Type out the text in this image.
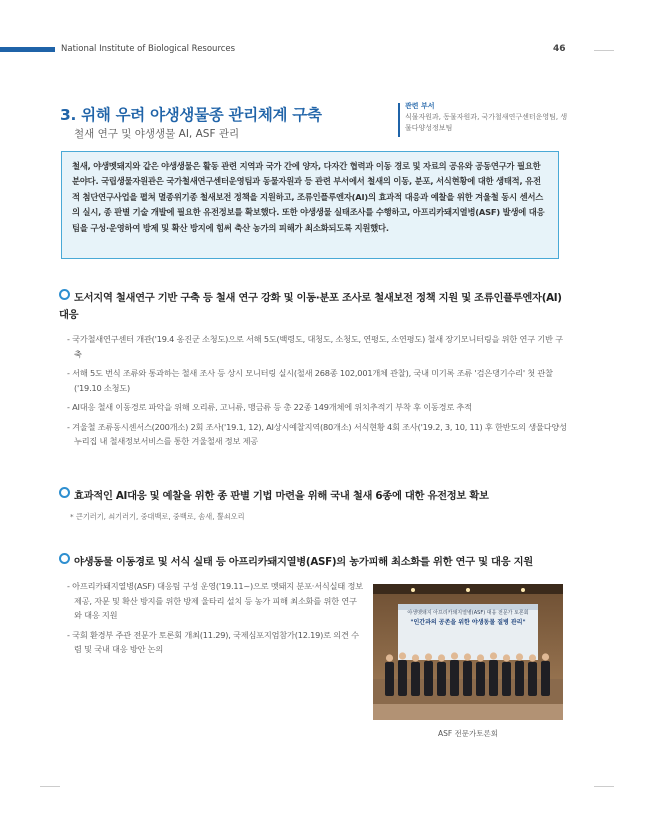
National Institute of Biological Resources	46
3. 위해 우려 야생생물종 관리체계 구축
철새 연구 및 야생생물 AI, ASF 관리
관련 부서
식물자원과, 동물자원과, 국가철새연구센터운영팀, 생물다양성정보팀
철새, 야생멧돼지와 같은 야생생물은 활동 관련 지역과 국가 간에 양자, 다자간 협력과 이동 경로 및 자료의 공유와 공동연구가 필요한 분야다. 국립생물자원관은 국가철새연구센터운영팀과 동물자원과 등 관련 부서에서 철새의 이동, 분포, 서식현황에 대한 생태적, 유전적 첨단연구사업을 펼쳐 멸종위기종 철새보전 정책을 지원하고, 조류인플루엔자(AI)의 효과적 대응과 예찰을 위한 겨울철 동시 센서스의 실시, 종 판별 기술 개발에 필요한 유전정보를 확보했다. 또한 야생생물 실태조사를 수행하고, 아프리카돼지열병(ASF) 발생에 대응팀을 구성·운영하여 방제 및 확산 방지에 힘써 축산 농가의 피해가 최소화되도록 지원했다.
도서지역 철새연구 기반 구축 등 철새 연구 강화 및 이동·분포 조사로 철새보전 정책 지원 및 조류인플루엔자(AI) 대응
- 국가철새연구센터 개관('19.4 옹진군 소청도)으로 서해 5도(백령도, 대청도, 소청도, 연평도, 소연평도) 철새 장기모니터링을 위한 연구 기반 구축
- 서해 5도 번식 조류와 통과하는 철새 조사 등 상시 모니터링 실시(철새 268종 102,001개체 관찰), 국내 미기록 조류 '검은댕기수리' 첫 관찰('19.10 소청도)
- AI대응 철새 이동경로 파악을 위해 오리류, 고니류, 맹금류 등 총 22종 149개체에 위치추적기 부착 후 이동경로 추적
- 겨울철 조류동시센서스(200개소) 2회 조사('19.1, 12), AI상시예찰지역(80개소) 서식현황 4회 조사('19.2, 3, 10, 11) 후 한반도의 생물다양성 누리집 내 철새정보서비스를 통한 겨울철새 정보 제공
효과적인 AI대응 및 예찰을 위한 종 판별 기법 마련을 위해 국내 철새 6종에 대한 유전정보 확보
* 큰기러기, 쇠기러기, 중대백로, 중백로, 솜새, 뿔쇠오리
야생동물 이동경로 및 서식 실태 등 아프리카돼지열병(ASF)의 농가피해 최소화를 위한 연구 및 대응 지원
- 아프리카돼지열병(ASF) 대응팀 구성 운영('19.11~)으로 멧돼지 분포·서식실태 정보 제공, 자문 및 확산 방지를 위한 방제 울타리 설치 등 농가 피해 최소화를 위한 연구와 대응 지원
- 국회 환경부 주관 전문가 토론회 개최(11.29), 국제심포지엄참가(12.19)로 의견 수렴 및 국내 대응 방안 논의
야생멧돼지 아프리카돼지열병(ASF) 대응 전문가 토론회
"인간과의 공존을 위한 야생동물 질병 관리"
ASF 전문가토론회
